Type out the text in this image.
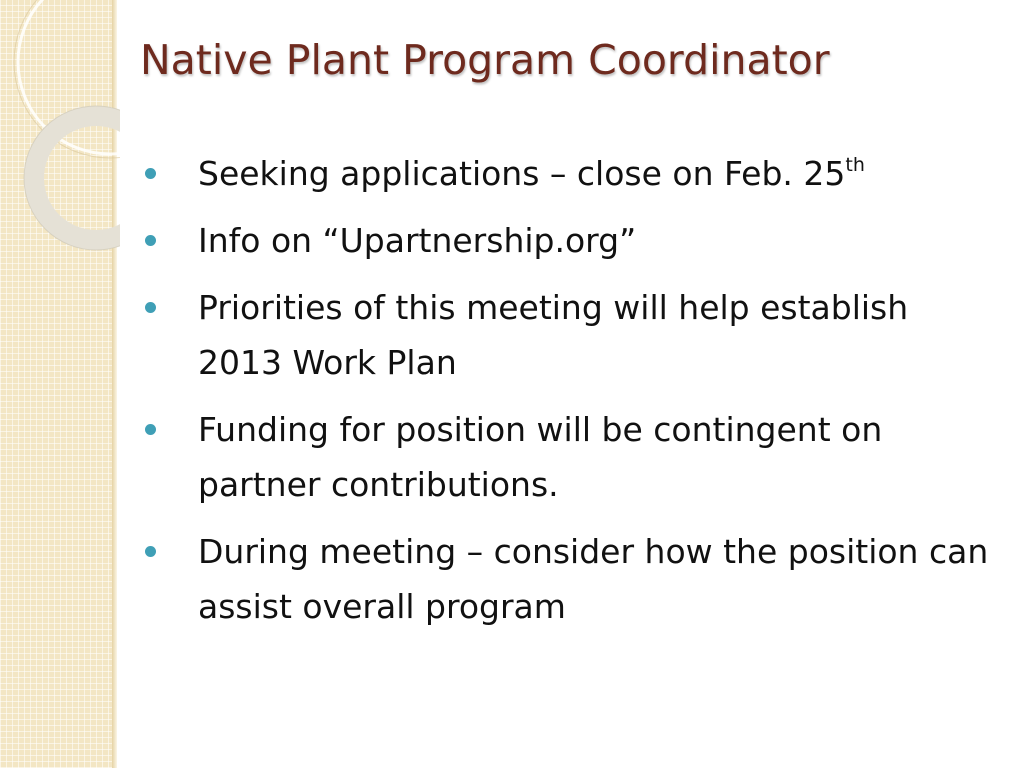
Native Plant Program Coordinator
Seeking applications – close on Feb. 25th
Info on “Upartnership.org”
Priorities of this meeting will help establish 2013 Work Plan
Funding for position will be contingent on partner contributions.
During meeting – consider how the position can assist overall program
